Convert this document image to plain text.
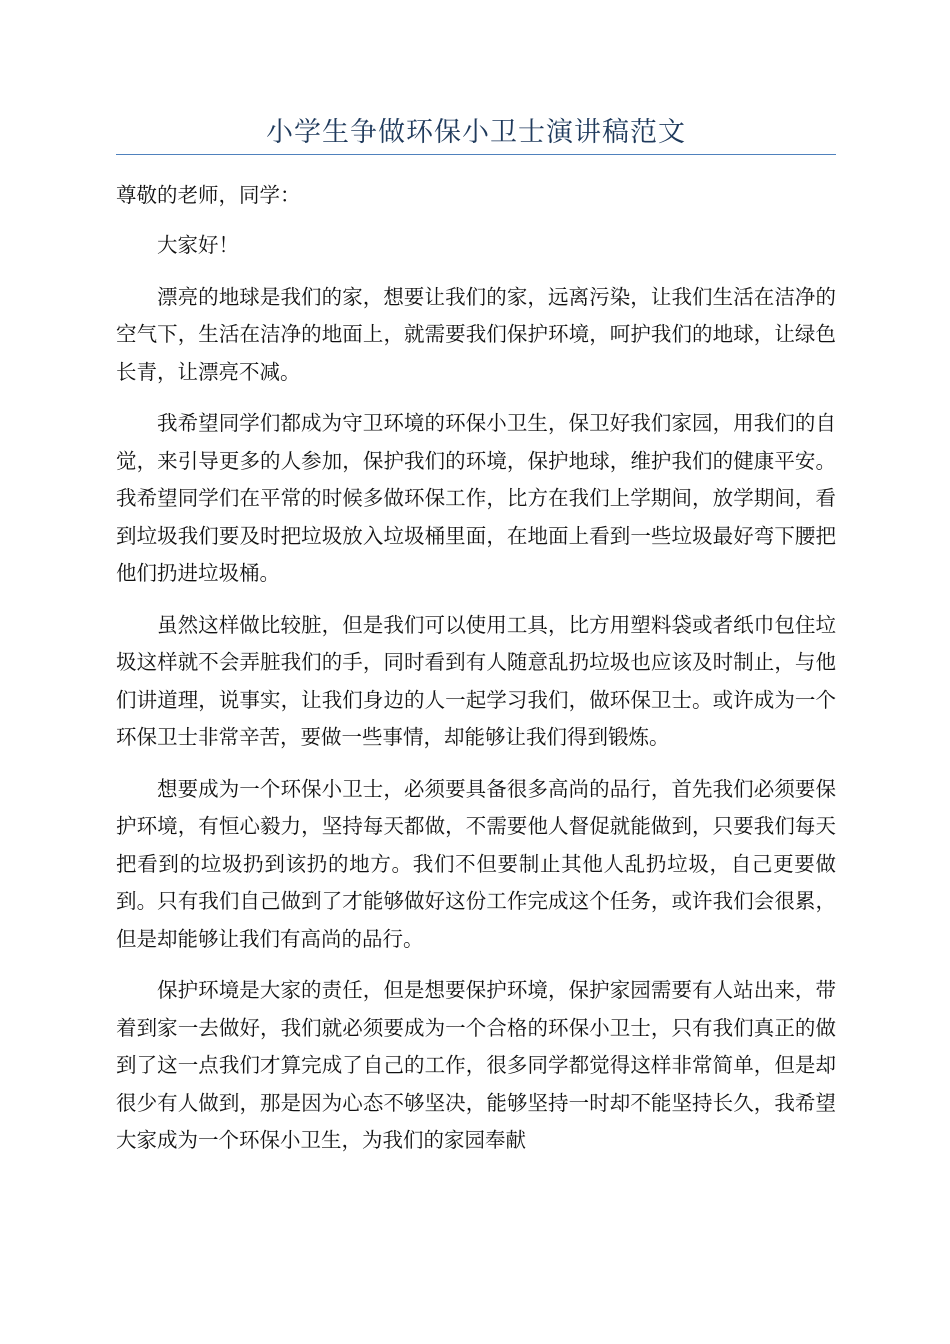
小学生争做环保小卫士演讲稿范文

尊敬的老师，同学：

大家好！

漂亮的地球是我们的家，想要让我们的家，远离污染，让我们生活在洁净的空气下，生活在洁净的地面上，就需要我们保护环境，呵护我们的地球，让绿色长青，让漂亮不减。

我希望同学们都成为守卫环境的环保小卫生，保卫好我们家园，用我们的自觉，来引导更多的人参加，保护我们的环境，保护地球，维护我们的健康平安。我希望同学们在平常的时候多做环保工作，比方在我们上学期间，放学期间，看到垃圾我们要及时把垃圾放入垃圾桶里面，在地面上看到一些垃圾最好弯下腰把他们扔进垃圾桶。

虽然这样做比较脏，但是我们可以使用工具，比方用塑料袋或者纸巾包住垃圾这样就不会弄脏我们的手，同时看到有人随意乱扔垃圾也应该及时制止，与他们讲道理，说事实，让我们身边的人一起学习我们，做环保卫士。或许成为一个环保卫士非常辛苦，要做一些事情，却能够让我们得到锻炼。

想要成为一个环保小卫士，必须要具备很多高尚的品行，首先我们必须要保护环境，有恒心毅力，坚持每天都做，不需要他人督促就能做到，只要我们每天把看到的垃圾扔到该扔的地方。我们不但要制止其他人乱扔垃圾，自己更要做到。只有我们自己做到了才能够做好这份工作完成这个任务，或许我们会很累，但是却能够让我们有高尚的品行。

保护环境是大家的责任，但是想要保护环境，保护家园需要有人站出来，带着到家一去做好，我们就必须要成为一个合格的环保小卫士，只有我们真正的做到了这一点我们才算完成了自己的工作，很多同学都觉得这样非常简单，但是却很少有人做到，那是因为心态不够坚决，能够坚持一时却不能坚持长久，我希望大家成为一个环保小卫生，为我们的家园奉献
